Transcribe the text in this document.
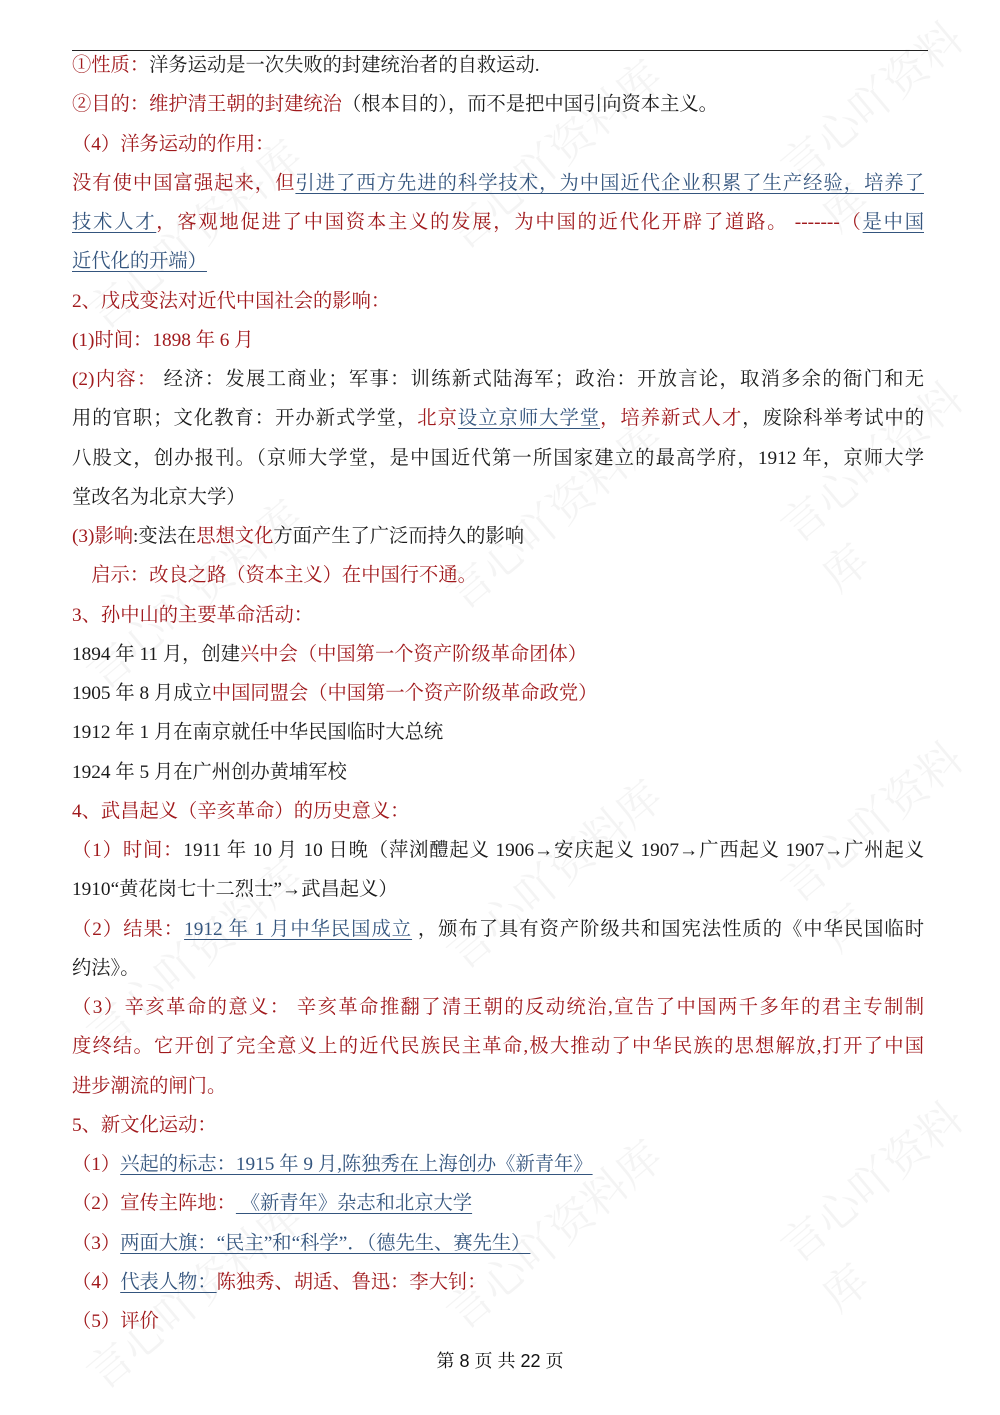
①性质：洋务运动是一次失败的封建统治者的自救运动.
②目的：维护清王朝的封建统治（根本目的），而不是把中国引向资本主义。
（4）洋务运动的作用：
没有使中国富强起来，但引进了西方先进的科学技术，为中国近代企业积累了生产经验，培养了
技术人才，客观地促进了中国资本主义的发展，为中国的近代化开辟了道路。 -------（是中国
近代化的开端）
2、戊戌变法对近代中国社会的影响：
(1)时间：1898 年 6 月
(2)内容： 经济：发展工商业；军事：训练新式陆海军；政治：开放言论，取消多余的衙门和无
用的官职；文化教育：开办新式学堂，北京设立京师大学堂，培养新式人才，废除科举考试中的
八股文，创办报刊。（京师大学堂，是中国近代第一所国家建立的最高学府，1912 年，京师大学
堂改名为北京大学）
(3)影响:变法在思想文化方面产生了广泛而持久的影响
　启示：改良之路（资本主义）在中国行不通。
3、孙中山的主要革命活动：
1894 年 11 月，创建兴中会（中国第一个资产阶级革命团体）
1905 年 8 月成立中国同盟会（中国第一个资产阶级革命政党）
1912 年 1 月在南京就任中华民国临时大总统
1924 年 5 月在广州创办黄埔军校
4、武昌起义（辛亥革命）的历史意义：
（1）时间：1911 年 10 月 10 日晚（萍浏醴起义 1906→安庆起义 1907→广西起义 1907→广州起义
1910“黄花岗七十二烈士”→武昌起义）
（2）结果：1912 年 1 月中华民国成立 ，颁布了具有资产阶级共和国宪法性质的《中华民国临时
约法》。
（3）辛亥革命的意义： 辛亥革命推翻了清王朝的反动统治,宣告了中国两千多年的君主专制制
度终结。它开创了完全意义上的近代民族民主革命,极大推动了中华民族的思想解放,打开了中国
进步潮流的闸门。
5、新文化运动：
（1）兴起的标志：1915 年 9 月,陈独秀在上海创办《新青年》
（2）宣传主阵地： 《新青年》杂志和北京大学
（3）两面大旗：“民主”和“科学”．（德先生、赛先生）
（4）代表人物：陈独秀、胡适、鲁迅：李大钊：
（5）评价
第 8 页 共 22 页
